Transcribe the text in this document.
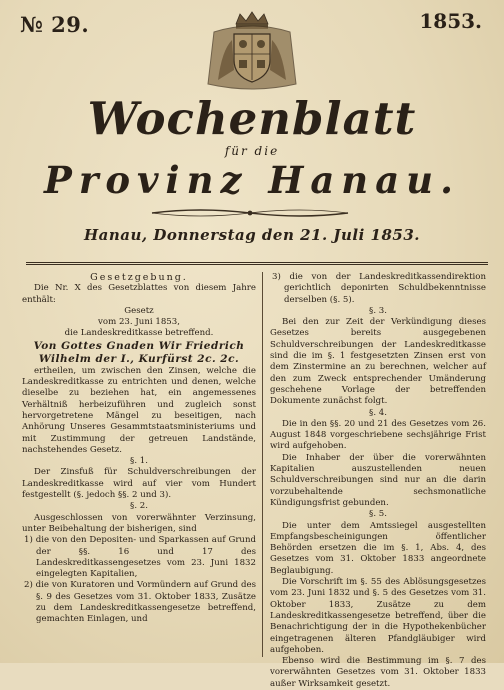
№ 29.	1853.
Wochenblatt
für die
Provinz Hanau.
Hanau, Donnerstag den 21. Juli 1853.

Gesetzgebung.

Die Nr. X des Gesetzblattes von diesem Jahre enthält:

Gesetz

vom 23. Juni 1853,

die Landeskreditkasse betreffend.

Von Gottes Gnaden Wir Friedrich Wilhelm der I., Kurfürst 2c. 2c.

ertheilen, um zwischen den Zinsen, welche die Landeskreditkasse zu entrichten und denen, welche dieselbe zu beziehen hat, ein angemessenes Verhältniß herbeizuführen und zugleich sonst hervorgetretene Mängel zu beseitigen, nach Anhörung Unseres Gesammtstaatsministeriums und mit Zustimmung der getreuen Landstände, nachstehendes Gesetz.

§. 1.

Der Zinsfuß für Schuldverschreibungen der Landeskreditkasse wird auf vier vom Hundert festgestellt (§. jedoch §§. 2 und 3).

§. 2.

Ausgeschlossen von vorerwähnter Verzinsung, unter Beibehaltung der bisherigen, sind

1) die von den Depositen- und Sparkassen auf Grund der §§. 16 und 17 des Landeskreditkassengesetzes vom 23. Juni 1832 eingelegten Kapitalien,

2) die von Kuratoren und Vormündern auf Grund des §. 9 des Gesetzes vom 31. Oktober 1833, Zusätze zu dem Landeskreditkassengesetze betreffend, gemachten Einlagen, und

3) die von der Landeskreditkassendirektion gerichtlich deponirten Schuldbekenntnisse derselben (§. 5).

§. 3.

Bei den zur Zeit der Verkündigung dieses Gesetzes bereits ausgegebenen Schuldverschreibungen der Landeskreditkasse sind die im §. 1 festgesetzten Zinsen erst von dem Zinstermine an zu berechnen, welcher auf den zum Zweck entsprechender Umänderung geschehene Vorlage der betreffenden Dokumente zunächst folgt.

§. 4.

Die in den §§. 20 und 21 des Gesetzes vom 26. August 1848 vorgeschriebene sechsjährige Frist wird aufgehoben.

Die Inhaber der über die vorerwähnten Kapitalien auszustellenden neuen Schuldverschreibungen sind nur an die darin vorzubehaltende sechsmonatliche Kündigungsfrist gebunden.

§. 5.

Die unter dem Amtssiegel ausgestellten Empfangsbescheinigungen öffentlicher Behörden ersetzen die im §. 1, Abs. 4, des Gesetzes vom 31. Oktober 1833 angeordnete Beglaubigung.

Die Vorschrift im §. 55 des Ablösungsgesetzes vom 23. Juni 1832 und §. 5 des Gesetzes vom 31. Oktober 1833, Zusätze zu dem Landeskreditkassengesetze betreffend, über die Benachrichtigung der in die Hypothekenbücher eingetragenen älteren Pfandgläubiger wird aufgehoben.

Ebenso wird die Bestimmung im §. 7 des vorerwähnten Gesetzes vom 31. Oktober 1833 außer Wirksamkeit gesetzt.
